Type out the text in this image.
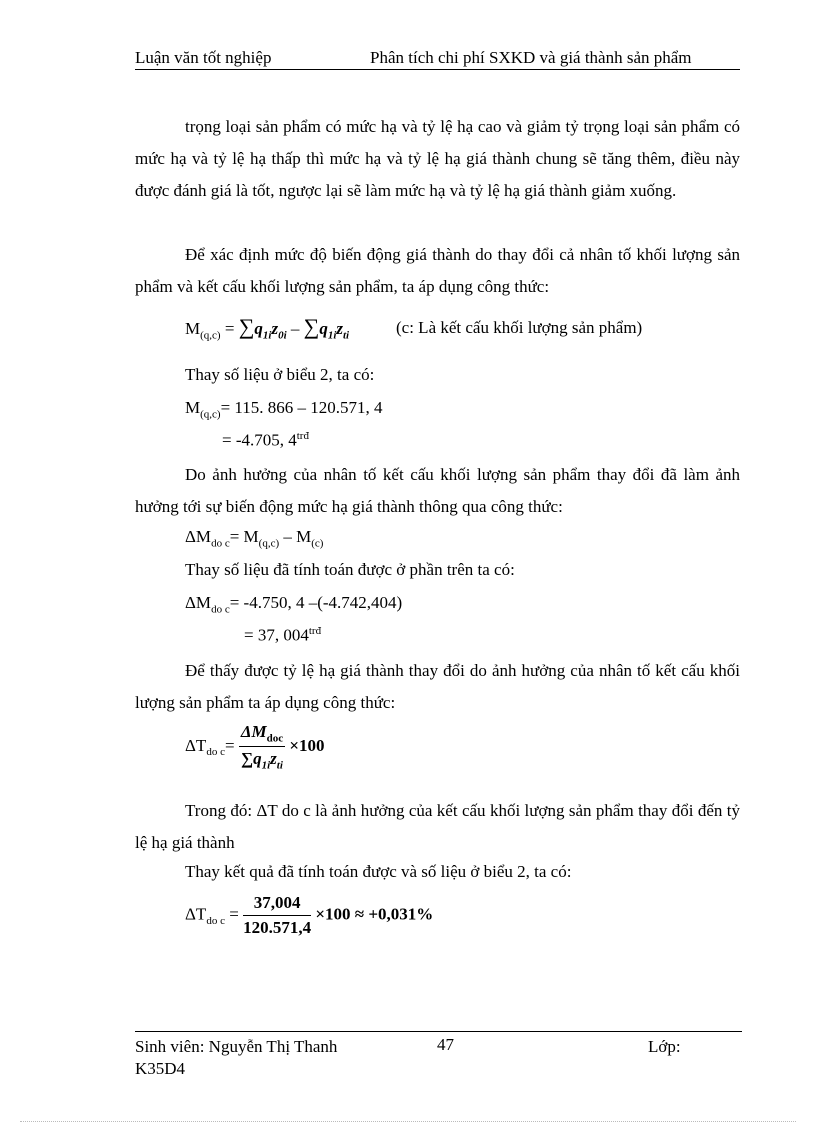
Luận văn tốt nghiệp	Phân tích chi phí SXKD và giá thành sản phẩm
trọng loại sản phẩm có mức hạ và tỷ lệ hạ cao và giảm tỷ trọng loại sản phẩm có mức hạ và tỷ lệ hạ thấp thì mức hạ và tỷ lệ hạ giá thành chung sẽ tăng thêm, điều này được đánh giá là tốt, ngược lại sẽ làm mức hạ và tỷ lệ hạ giá thành giảm xuống.
Để xác định mức độ biến động giá thành do thay đổi cả nhân tố khối lượng sản phẩm và kết cấu khối lượng sản phẩm, ta áp dụng công thức:
$M_{(q,c)} = \sum q_{1i}z_{0i} - \sum q_{1i}z_{ti}$	(c: Là kết cấu khối lượng sản phẩm)
Thay số liệu ở biểu 2, ta có:
$M_{(q,c)}= 115$. 866 – 120.571, 4
= -4.705, $4^{trđ}$
Do ảnh hưởng của nhân tố kết cấu khối lượng sản phẩm thay đổi đã làm ảnh hưởng tới sự biến động mức hạ giá thành thông qua công thức:
$\Delta M_{do c}= M_{(q,c)} - M_{(c)}$
Thay số liệu đã tính toán được ở phần trên ta có:
$\Delta M_{do c}= -4.750$, 4 –(-4.742,404)
= 37, $004^{trđ}$
Để thấy được tỷ lệ hạ giá thành thay đổi do ảnh hưởng của nhân tố kết cấu khối lượng sản phẩm ta áp dụng công thức:
$\Delta T_{do c}= \frac{\Delta M_{doc}}{\sum q_{1i}z_{ti}} \times 100$
Trong đó: ΔT do c là ảnh hưởng của kết cấu khối lượng sản phẩm thay đổi đến tỷ lệ hạ giá thành
Thay kết quả đã tính toán được và số liệu ở biểu 2, ta có:
$\Delta T_{do c} = \frac{37,004}{120.571,4} \times 100 \approx +0,031\%$
Sinh viên: Nguyễn Thị Thanh	47	Lớp:
K35D4
